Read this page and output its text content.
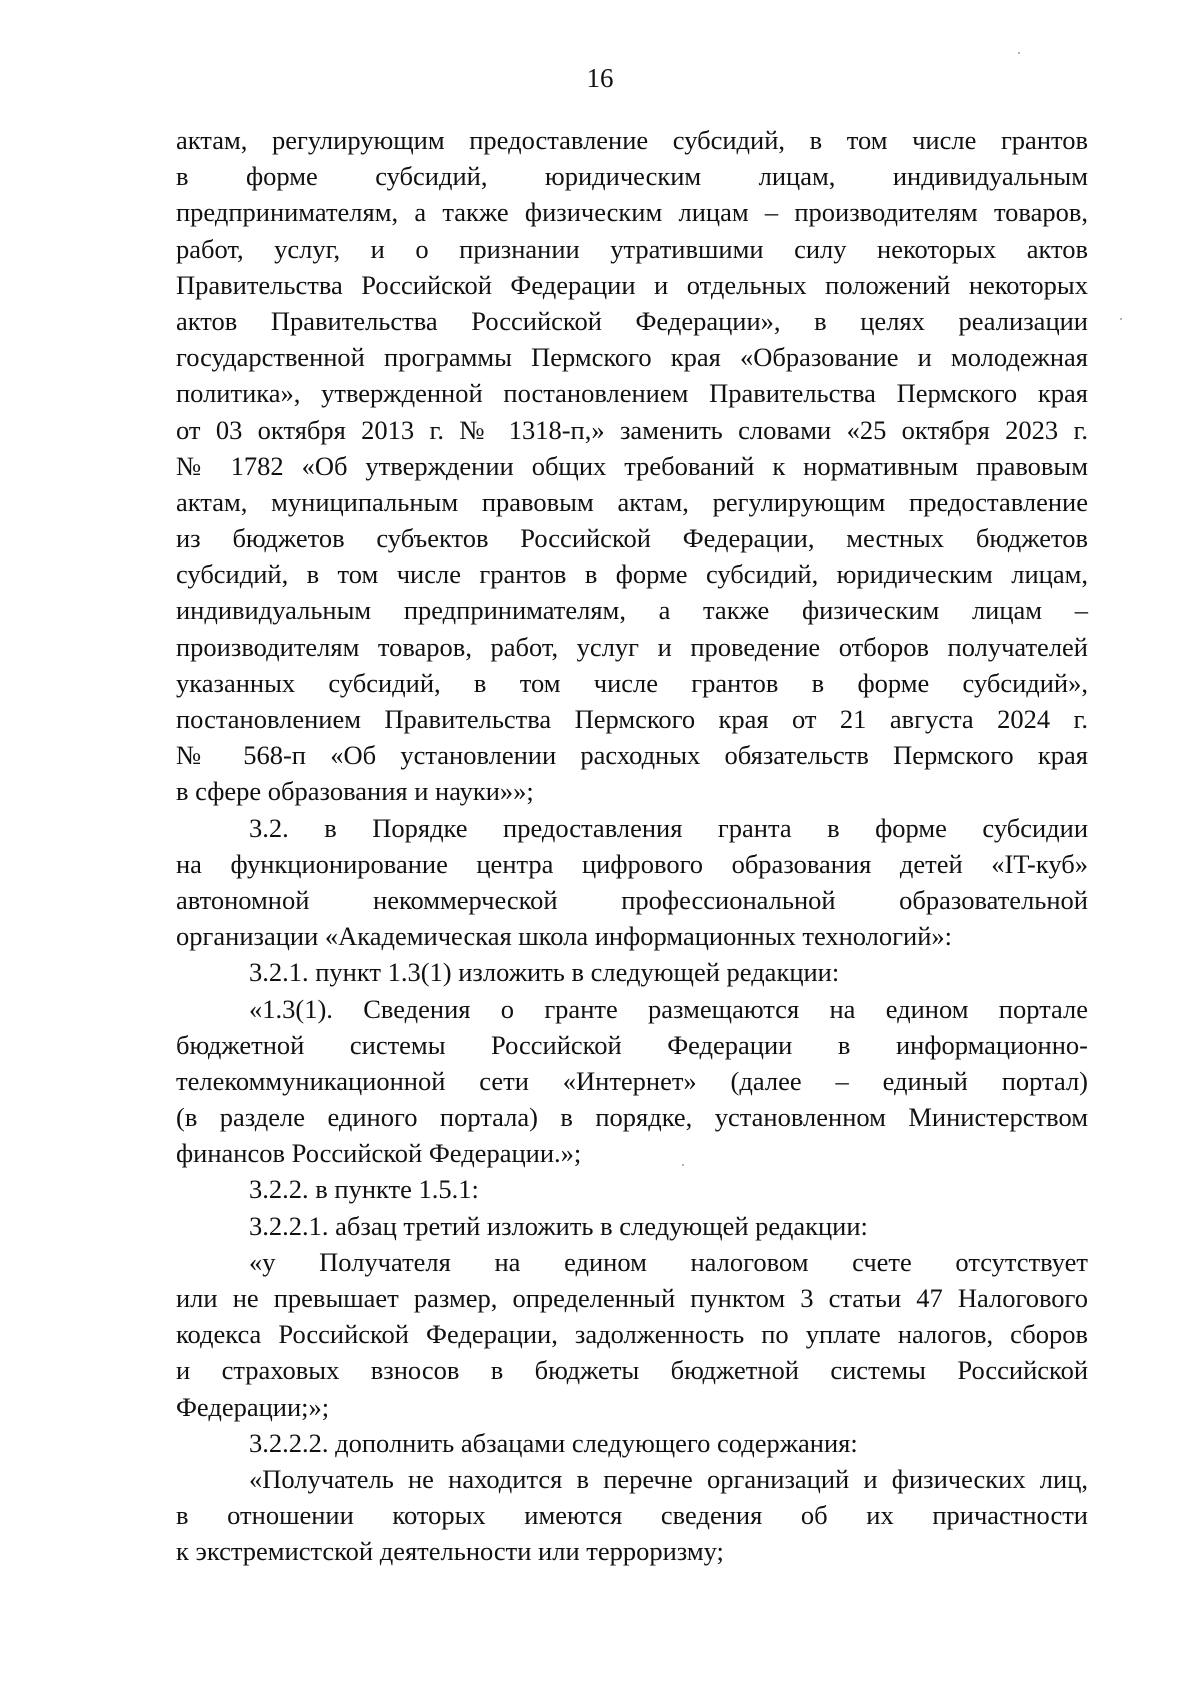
16
актам, регулирующим предоставление субсидий, в том числе грантов
в форме субсидий, юридическим лицам, индивидуальным
предпринимателям, а также физическим лицам – производителям товаров,
работ, услуг, и о признании утратившими силу некоторых актов
Правительства Российской Федерации и отдельных положений некоторых
актов Правительства Российской Федерации», в целях реализации
государственной программы Пермского края «Образование и молодежная
политика», утвержденной постановлением Правительства Пермского края
от 03 октября 2013 г. № 1318-п,» заменить словами «25 октября 2023 г.
№ 1782 «Об утверждении общих требований к нормативным правовым
актам, муниципальным правовым актам, регулирующим предоставление
из бюджетов субъектов Российской Федерации, местных бюджетов
субсидий, в том числе грантов в форме субсидий, юридическим лицам,
индивидуальным предпринимателям, а также физическим лицам –
производителям товаров, работ, услуг и проведение отборов получателей
указанных субсидий, в том числе грантов в форме субсидий»,
постановлением Правительства Пермского края от 21 августа 2024 г.
№ 568-п «Об установлении расходных обязательств Пермского края
в сфере образования и науки»»;
3.2. в Порядке предоставления гранта в форме субсидии
на функционирование центра цифрового образования детей «IT-куб»
автономной некоммерческой профессиональной образовательной
организации «Академическая школа информационных технологий»:
3.2.1. пункт 1.3(1) изложить в следующей редакции:
«1.3(1). Сведения о гранте размещаются на едином портале
бюджетной системы Российской Федерации в информационно-
телекоммуникационной сети «Интернет» (далее – единый портал)
(в разделе единого портала) в порядке, установленном Министерством
финансов Российской Федерации.»;
3.2.2. в пункте 1.5.1:
3.2.2.1. абзац третий изложить в следующей редакции:
«у Получателя на едином налоговом счете отсутствует
или не превышает размер, определенный пунктом 3 статьи 47 Налогового
кодекса Российской Федерации, задолженность по уплате налогов, сборов
и страховых взносов в бюджеты бюджетной системы Российской
Федерации;»;
3.2.2.2. дополнить абзацами следующего содержания:
«Получатель не находится в перечне организаций и физических лиц,
в отношении которых имеются сведения об их причастности
к экстремистской деятельности или терроризму;
